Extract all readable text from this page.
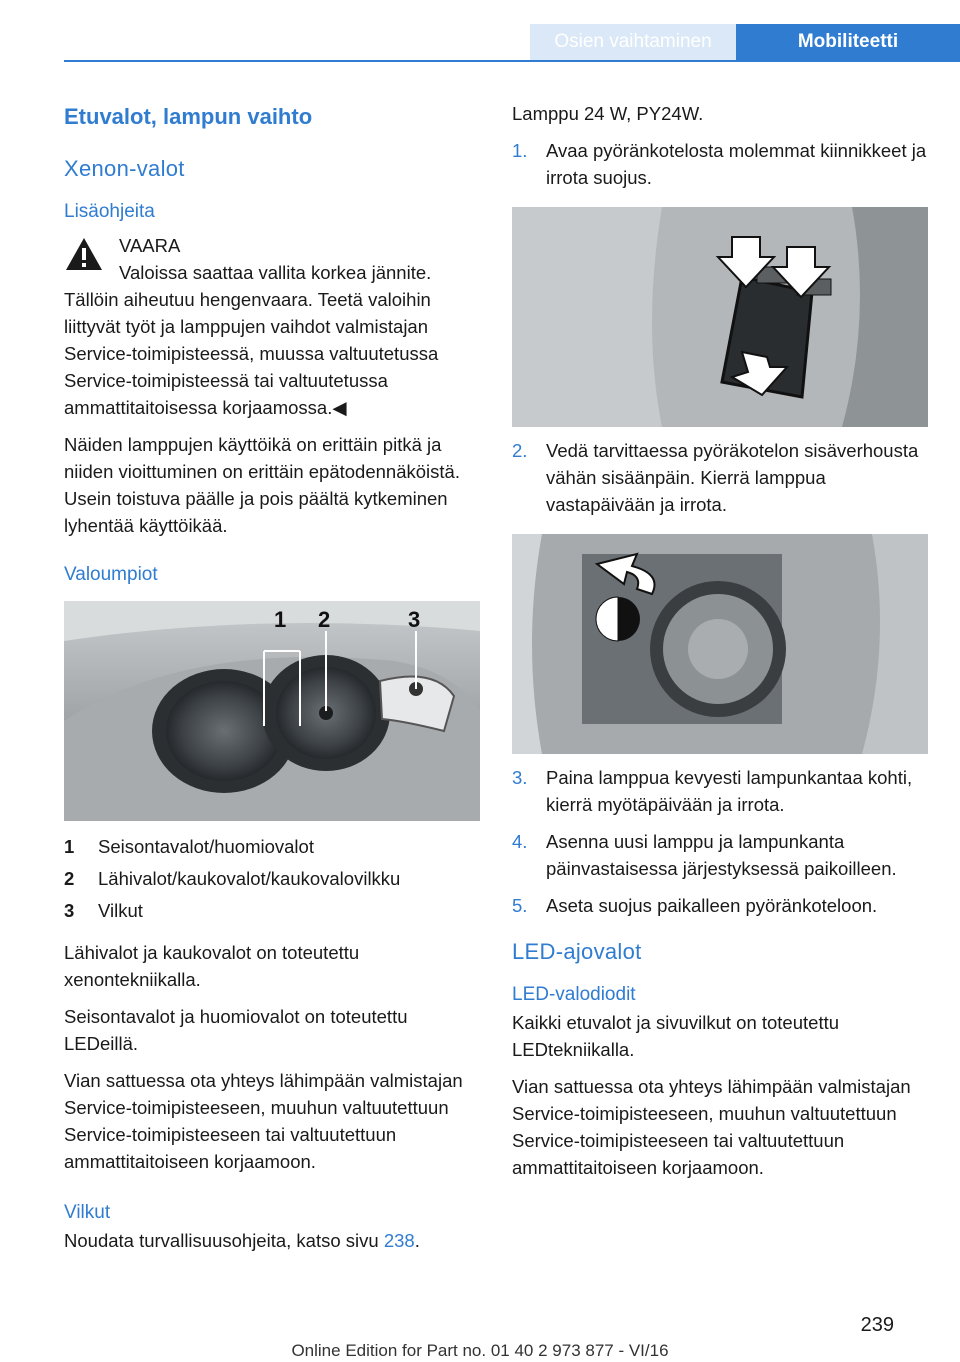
Osien vaihtaminen	Mobiliteetti
Etuvalot, lampun vaihto
Xenon-valot
Lisäohjeita
VAARA
Valoissa saattaa vallita korkea jännite.
Tällöin aiheutuu hengenvaara. Teetä valoihin liittyvät työt ja lamppujen vaihdot valmistajan Service-toimipisteessä, muussa valtuutetussa Service-toimipisteessä tai valtuutetussa ammattitaitoisessa korjaamossa.◀

Näiden lamppujen käyttöikä on erittäin pitkä ja niiden vioittuminen on erittäin epätodennäköistä. Usein toistuva päälle ja pois päältä kytkeminen lyhentää käyttöikää.

Valoumpiot
1 2	3
1	Seisontavalot/huomiovalot
2	Lähivalot/kaukovalot/kaukovalovilkku
3	Vilkut

Lähivalot ja kaukovalot on toteutettu xenontekniikalla.

Seisontavalot ja huomiovalot on toteutettu LEDeillä.

Vian sattuessa ota yhteys lähimpään valmistajan Service-toimipisteeseen, muuhun valtuutettuun Service-toimipisteeseen tai valtuutettuun ammattitaitoiseen korjaamoon.

Vilkut

Noudata turvallisuusohjeita, katso sivu 238.

Lamppu 24 W, PY24W.

1.	Avaa pyöränkotelosta molemmat kiinnikkeet ja irrota suojus.
2.	Vedä tarvittaessa pyöräkotelon sisäverhousta vähän sisäänpäin. Kierrä lamppua vastapäivään ja irrota.
3.	Paina lamppua kevyesti lampunkantaa kohti, kierrä myötäpäivään ja irrota.
4.	Asenna uusi lamppu ja lampunkanta päinvastaisessa järjestyksessä paikoilleen.
5.	Aseta suojus paikalleen pyöränkoteloon.
LED-ajovalot
LED-valodiodit

Kaikki etuvalot ja sivuvilkut on toteutettu LEDtekniikalla.

Vian sattuessa ota yhteys lähimpään valmistajan Service-toimipisteeseen, muuhun valtuutettuun Service-toimipisteeseen tai valtuutettuun ammattitaitoiseen korjaamoon.

239
Online Edition for Part no. 01 40 2 973 877 - VI/16
